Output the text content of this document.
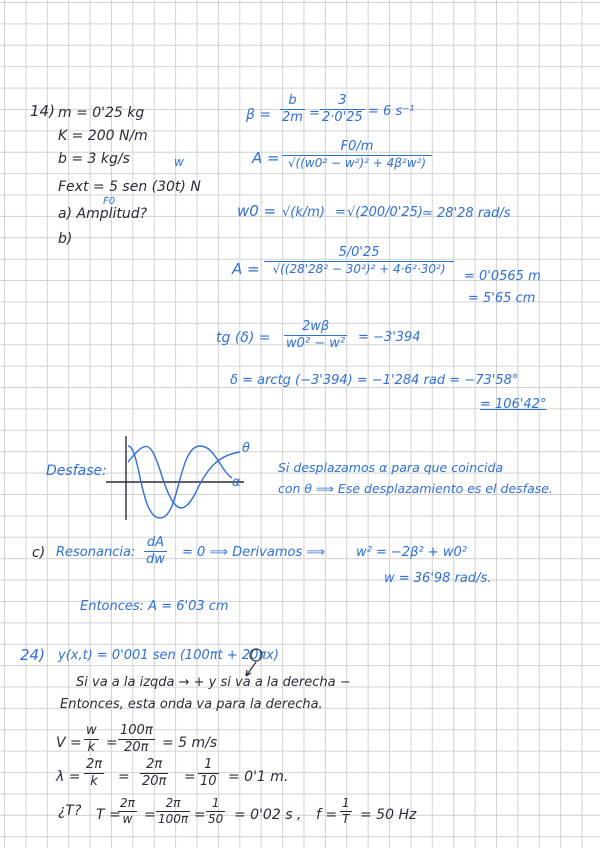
14) m = 0'25 kg
K = 200 N/m
b = 3 kg/s
Fext = 5 sen (30t) N
w
F0
a) Amplitud?
b)
β =
b
2m =
3
2·0'25 = 6 s⁻¹
A =
F0/m
√((w0² − w²)² + 4β²w²)
w0 = √(k/m) = √(200/0'25)
≃ 28'28 rad/s
A =
5/0'25
√((28'28² − 30²)² + 4·6²·30²)
= 0'0565 m
= 5'65 cm
tg (δ) =
2wβ
w0² − w² = −3'394
δ = arctg (−3'394) = −1'284 rad = −73'58°
= 106'42°
Desfase:
θ
α
Si desplazamos α para que coincida
con θ ⟹ Ese desplazamiento es el desfase.
c) Resonancia:
dA
dw = 0 ⟹ Derivamos ⟹ w² = −2β² + w0²
w = 36'98 rad/s.
Entonces: A = 6'03 cm
24) y(x,t) = 0'001 sen (100πt + 20πx)
Si va a la izqda → + y si va a la derecha −
Entonces, esta onda va para la derecha.
V =
w
k =
100π
20π = 5 m/s
λ =
2π
k =
2π
20π =
1
10 = 0'1 m.
¿T? T =
2π
w =
2π
100π =
1
50 = 0'02 s , f =
1
T = 50 Hz
